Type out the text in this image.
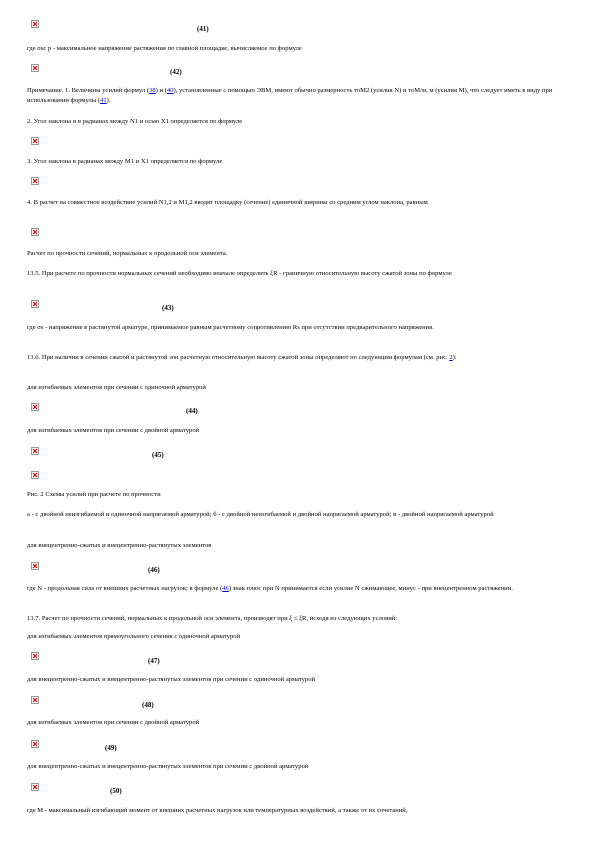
(41)
где σsc р - максимальное напряжение растяжения по главной площадке, вычисляемое по формуле
(42)
Примечание. 1. Величины усилий формул (38) и (40), установленные с помощью ЭВМ, имеют обычно размерность тоМ2 (усилия N) и тоМ/м, м (усилия M), что следует иметь в виду при использовании формулы (41).
2. Угол наклона α в радианах между N1 и осью X1 определяется по формуле
3. Угол наклона в радианах между M1 и X1 определяется по формуле
4. В расчет на совместное воздействие усилий N1,2 и M1,2 вводят площадку (сечение) единичной ширины со средним углом наклона, равным
Расчет по прочности сечений, нормальных к продольной оси элемента.
13.5. При расчете по прочности нормальных сечений необходимо вначале определить ξR - граничную относительную высоту сжатой зоны по формуле
(43)
где σs - напряжение в растянутой арматуре, принимаемое равным расчетному сопротивлению Rs при отсутствии предварительного напряжения.
13.6. При наличии в сечении сжатой и растянутой зон расчетную относительную высоту сжатой зоны определяют по следующим формулам (см. рис. 2):
для изгибаемых элементов при сечении с одиночной арматурой
(44)
для изгибаемых элементов при сечении с двойной арматурой
(45)
Рис. 2 Схемы усилий при расчете по прочности
а - с двойной неизгибаемой и одиночной напрягаемой арматурой; б - с двойной неизгибаемой и двойной напрягаемой арматурой; в - двойной напрягаемой арматурой
для внецентренно-сжатых и внецентренно-растянутых элементов
(46)
где N - продольная сила от внешних расчетных нагрузок; в формуле (46) знак плюс при N принимается если усилие N сжимающее, минус - при внецентренном растяжении.
13.7. Расчет по прочности сечений, нормальных к продольной оси элемента, производят при ξ ≤ ξR, исходя из следующих условий:
для изгибаемых элементов прямоугольного сечения с одиночной арматурой
(47)
для внецентренно-сжатых и внецентренно-растянутых элементов при сечении с одиночной арматурой
(48)
для изгибаемых элементов при сечении с двойной арматурой
(49)
для внецентренно-сжатых и внецентренно-растянутых элементов при сечении с двойной арматурой
(50)
где M - максимальный изгибающий момент от внешних расчетных нагрузок или температурных воздействий, а также от их сочетаний,
